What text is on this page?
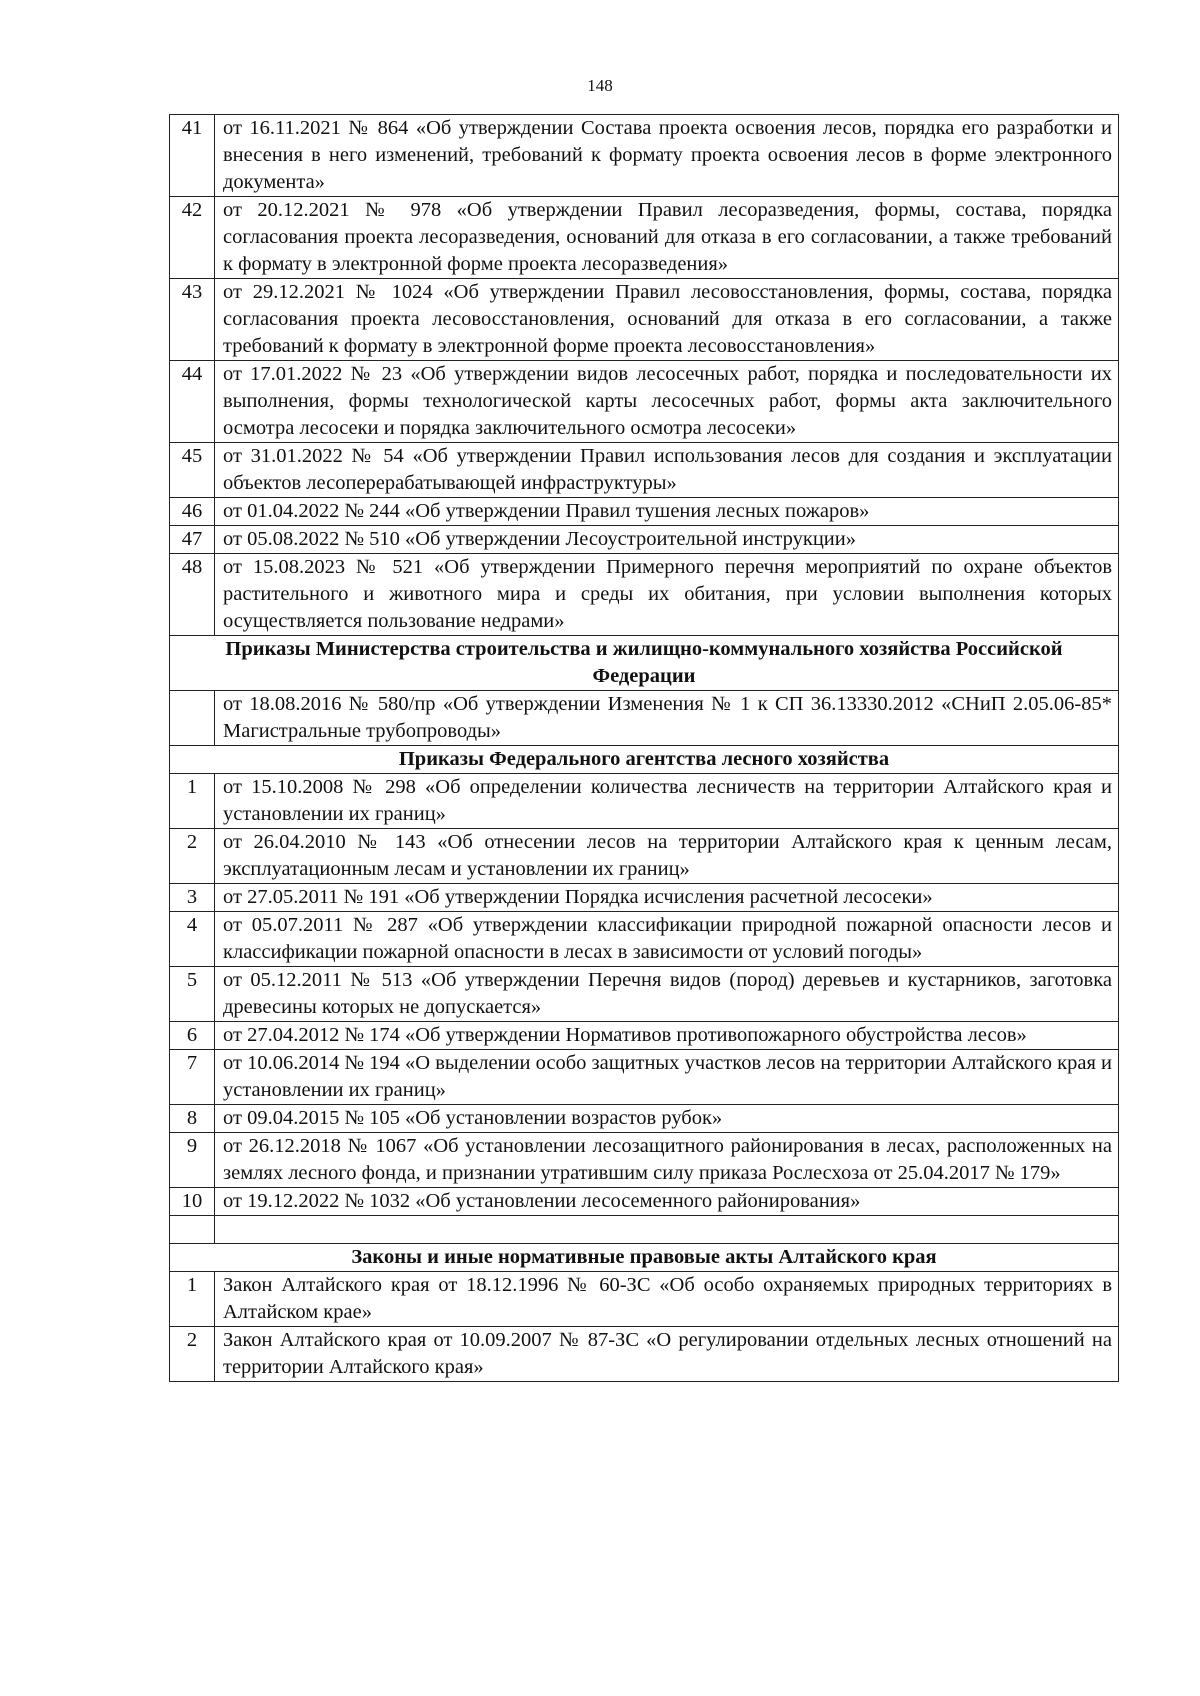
148
41	от 16.11.2021 № 864 «Об утверждении Состава проекта освоения лесов, порядка его разработки и внесения в него изменений, требований к формату проекта освоения лесов в форме электронного документа»
42	от 20.12.2021 № 978 «Об утверждении Правил лесоразведения, формы, состава, порядка согласования проекта лесоразведения, оснований для отказа в его согласовании, а также требований к формату в электронной форме проекта лесоразведения»
43	от 29.12.2021 № 1024 «Об утверждении Правил лесовосстановления, формы, состава, порядка согласования проекта лесовосстановления, оснований для отказа в его согласовании, а также требований к формату в электронной форме проекта лесовосстановления»
44	от 17.01.2022 № 23 «Об утверждении видов лесосечных работ, порядка и последовательности их выполнения, формы технологической карты лесосечных работ, формы акта заключительного осмотра лесосеки и порядка заключительного осмотра лесосеки»
45	от 31.01.2022 № 54 «Об утверждении Правил использования лесов для создания и эксплуатации объектов лесоперерабатывающей инфраструктуры»
46	от 01.04.2022 № 244 «Об утверждении Правил тушения лесных пожаров»
47	от 05.08.2022 № 510 «Об утверждении Лесоустроительной инструкции»
48	от 15.08.2023 № 521 «Об утверждении Примерного перечня мероприятий по охране объектов растительного и животного мира и среды их обитания, при условии выполнения которых осуществляется пользование недрами»
Приказы Министерства строительства и жилищно-коммунального хозяйства Российской Федерации	
	от 18.08.2016 № 580/пр «Об утверждении Изменения № 1 к СП 36.13330.2012 «СНиП 2.05.06-85* Магистральные трубопроводы»
Приказы Федерального агентства лесного хозяйства	
1	от 15.10.2008 № 298 «Об определении количества лесничеств на территории Алтайского края и установлении их границ»
2	от 26.04.2010 № 143 «Об отнесении лесов на территории Алтайского края к ценным лесам, эксплуатационным лесам и установлении их границ»
3	от 27.05.2011 № 191 «Об утверждении Порядка исчисления расчетной лесосеки»
4	от 05.07.2011 № 287 «Об утверждении классификации природной пожарной опасности лесов и классификации пожарной опасности в лесах в зависимости от условий погоды»
5	от 05.12.2011 № 513 «Об утверждении Перечня видов (пород) деревьев и кустарников, заготовка древесины которых не допускается»
6	от 27.04.2012 № 174 «Об утверждении Нормативов противопожарного обустройства лесов»
7	от 10.06.2014 № 194 «О выделении особо защитных участков лесов на территории Алтайского края и установлении их границ»
8	от 09.04.2015 № 105 «Об установлении возрастов рубок»
9	от 26.12.2018 № 1067 «Об установлении лесозащитного районирования в лесах, расположенных на землях лесного фонда, и признании утратившим силу приказа Рослесхоза от 25.04.2017 № 179»
10	от 19.12.2022 № 1032 «Об установлении лесосеменного районирования»

Законы и иные нормативные правовые акты Алтайского края	
1	Закон Алтайского края от 18.12.1996 № 60-ЗС «Об особо охраняемых природных территориях в Алтайском крае»
2	Закон Алтайского края от 10.09.2007 № 87-ЗС «О регулировании отдельных лесных отношений на территории Алтайского края»
